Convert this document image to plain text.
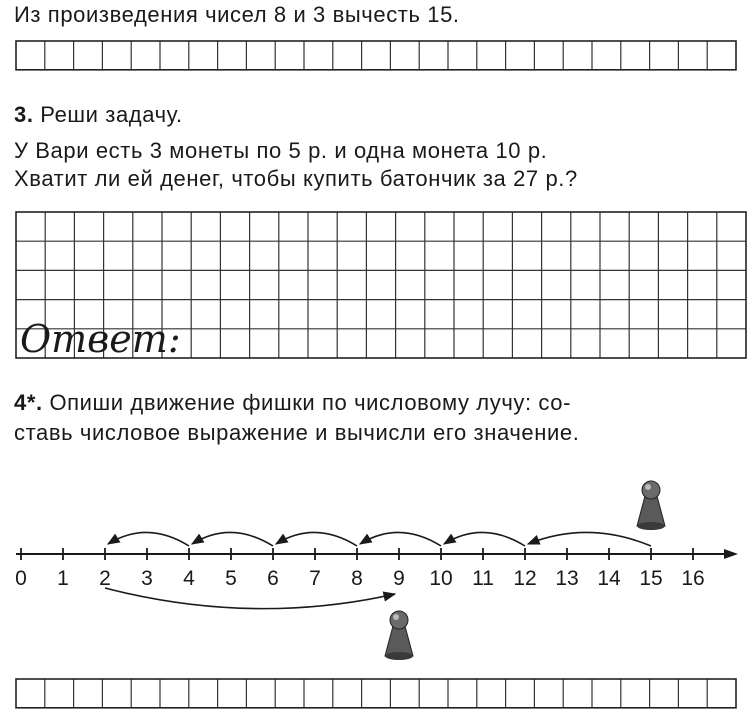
Из произведения чисел 8 и 3 вычесть 15.
3. Реши задачу.
У Вари есть 3 монеты по 5 р. и одна монета 10 р.
Хватит ли ей денег, чтобы купить батончик за 27 р.?
4*. Опиши движение фишки по числовому лучу: со-
ставь числовое выражение и вычисли его значение.
Ответ:
0 1 2 3 4 5 6 7 8 9 10 11 12 13 14 15 16
